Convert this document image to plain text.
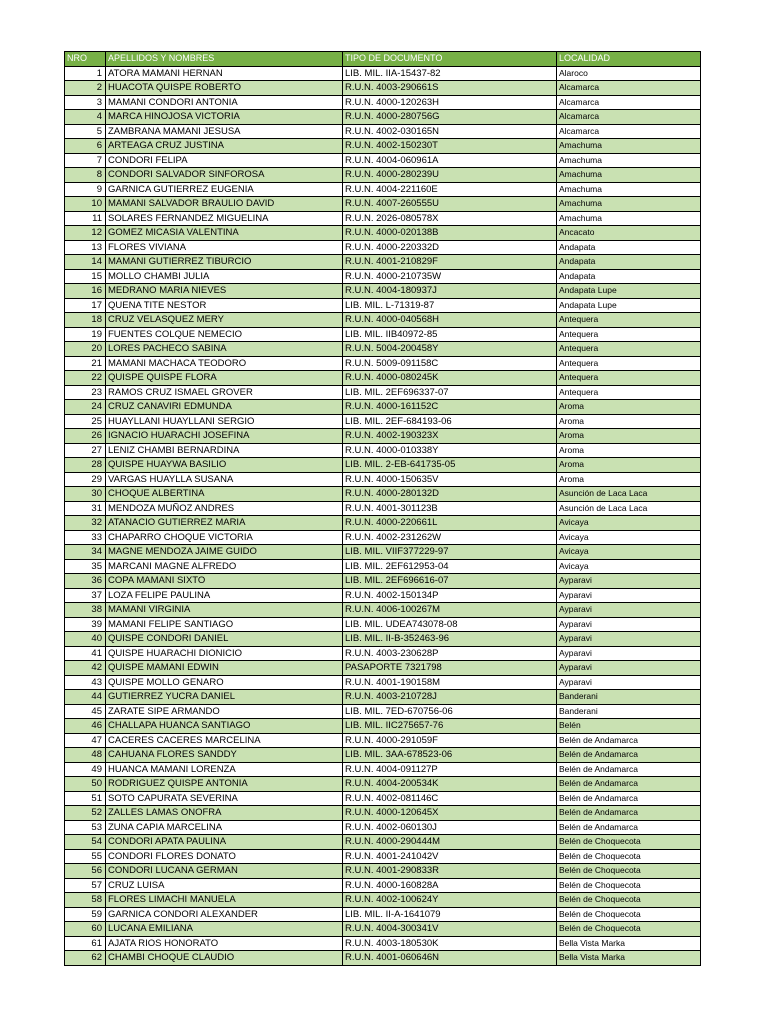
NRO	APELLIDOS Y NOMBRES	TIPO DE DOCUMENTO	LOCALIDAD
1	ATORA MAMANI HERNAN	LIB. MIL. IIA-15437-82	Alaroco
2	HUACOTA QUISPE ROBERTO	R.U.N. 4003-290661S	Alcamarca
3	MAMANI CONDORI ANTONIA	R.U.N. 4000-120263H	Alcamarca
4	MARCA HINOJOSA VICTORIA	R.U.N. 4000-280756G	Alcamarca
5	ZAMBRANA MAMANI JESUSA	R.U.N. 4002-030165N	Alcamarca
6	ARTEAGA CRUZ JUSTINA	R.U.N. 4002-150230T	Amachuma
7	CONDORI FELIPA	R.U.N. 4004-060961A	Amachuma
8	CONDORI SALVADOR SINFOROSA	R.U.N. 4000-280239U	Amachuma
9	GARNICA GUTIERREZ EUGENIA	R.U.N. 4004-221160E	Amachuma
10	MAMANI SALVADOR BRAULIO DAVID	R.U.N. 4007-260555U	Amachuma
11	SOLARES FERNANDEZ MIGUELINA	R.U.N. 2026-080578X	Amachuma
12	GOMEZ MICASIA VALENTINA	R.U.N. 4000-020138B	Ancacato
13	FLORES VIVIANA	R.U.N. 4000-220332D	Andapata
14	MAMANI GUTIERREZ TIBURCIO	R.U.N. 4001-210829F	Andapata
15	MOLLO CHAMBI JULIA	R.U.N. 4000-210735W	Andapata
16	MEDRANO MARIA NIEVES	R.U.N. 4004-180937J	Andapata Lupe
17	QUENA TITE NESTOR	LIB. MIL. L-71319-87	Andapata Lupe
18	CRUZ VELASQUEZ MERY	R.U.N. 4000-040568H	Antequera
19	FUENTES COLQUE NEMECIO	LIB. MIL. IIB40972-85	Antequera
20	LORES PACHECO SABINA	R.U.N. 5004-200458Y	Antequera
21	MAMANI MACHACA TEODORO	R.U.N. 5009-091158C	Antequera
22	QUISPE QUISPE FLORA	R.U.N. 4000-080245K	Antequera
23	RAMOS CRUZ ISMAEL GROVER	LIB. MIL. 2EF696337-07	Antequera
24	CRUZ CANAVIRI EDMUNDA	R.U.N. 4000-161152C	Aroma
25	HUAYLLANI HUAYLLANI SERGIO	LIB. MIL. 2EF-684193-06	Aroma
26	IGNACIO HUARACHI JOSEFINA	R.U.N. 4002-190323X	Aroma
27	LENIZ CHAMBI BERNARDINA	R.U.N. 4000-010338Y	Aroma
28	QUISPE HUAYWA BASILIO	LIB. MIL. 2-EB-641735-05	Aroma
29	VARGAS HUAYLLA SUSANA	R.U.N. 4000-150635V	Aroma
30	CHOQUE ALBERTINA	R.U.N. 4000-280132D	Asunción de Laca Laca
31	MENDOZA MUÑOZ ANDRES	R.U.N. 4001-301123B	Asunción de Laca Laca
32	ATANACIO GUTIERREZ MARIA	R.U.N. 4000-220661L	Avicaya
33	CHAPARRO CHOQUE VICTORIA	R.U.N. 4002-231262W	Avicaya
34	MAGNE MENDOZA JAIME GUIDO	LIB. MIL. VIIF377229-97	Avicaya
35	MARCANI MAGNE ALFREDO	LIB. MIL. 2EF612953-04	Avicaya
36	COPA MAMANI SIXTO	LIB. MIL. 2EF696616-07	Ayparavi
37	LOZA FELIPE PAULINA	R.U.N. 4002-150134P	Ayparavi
38	MAMANI VIRGINIA	R.U.N. 4006-100267M	Ayparavi
39	MAMANI FELIPE SANTIAGO	LIB. MIL. UDEA743078-08	Ayparavi
40	QUISPE CONDORI DANIEL	LIB. MIL. II-B-352463-96	Ayparavi
41	QUISPE HUARACHI DIONICIO	R.U.N. 4003-230628P	Ayparavi
42	QUISPE MAMANI EDWIN	PASAPORTE 7321798	Ayparavi
43	QUISPE MOLLO GENARO	R.U.N. 4001-190158M	Ayparavi
44	GUTIERREZ YUCRA DANIEL	R.U.N. 4003-210728J	Banderani
45	ZARATE SIPE ARMANDO	LIB. MIL. 7ED-670756-06	Banderani
46	CHALLAPA HUANCA SANTIAGO	LIB. MIL. IIC275657-76	Belén
47	CACERES CACERES MARCELINA	R.U.N. 4000-291059F	Belén de Andamarca
48	CAHUANA FLORES SANDDY	LIB. MIL. 3AA-678523-06	Belén de Andamarca
49	HUANCA MAMANI LORENZA	R.U.N. 4004-091127P	Belén de Andamarca
50	RODRIGUEZ QUISPE ANTONIA	R.U.N. 4004-200534K	Belén de Andamarca
51	SOTO CAPURATA SEVERINA	R.U.N. 4002-081146C	Belén de Andamarca
52	ZALLES LAMAS ONOFRA	R.U.N. 4000-120645X	Belén de Andamarca
53	ZUNA CAPIA MARCELINA	R.U.N. 4002-060130J	Belén de Andamarca
54	CONDORI APATA PAULINA	R.U.N. 4000-290444M	Belén de Choquecota
55	CONDORI FLORES DONATO	R.U.N. 4001-241042V	Belén de Choquecota
56	CONDORI LUCANA GERMAN	R.U.N. 4001-290833R	Belén de Choquecota
57	CRUZ LUISA	R.U.N. 4000-160828A	Belén de Choquecota
58	FLORES LIMACHI MANUELA	R.U.N. 4002-100624Y	Belén de Choquecota
59	GARNICA CONDORI ALEXANDER	LIB. MIL. II-A-1641079	Belén de Choquecota
60	LUCANA EMILIANA	R.U.N. 4004-300341V	Belén de Choquecota
61	AJATA RIOS HONORATO	R.U.N. 4003-180530K	Bella Vista Marka
62	CHAMBI CHOQUE CLAUDIO	R.U.N. 4001-060646N	Bella Vista Marka
